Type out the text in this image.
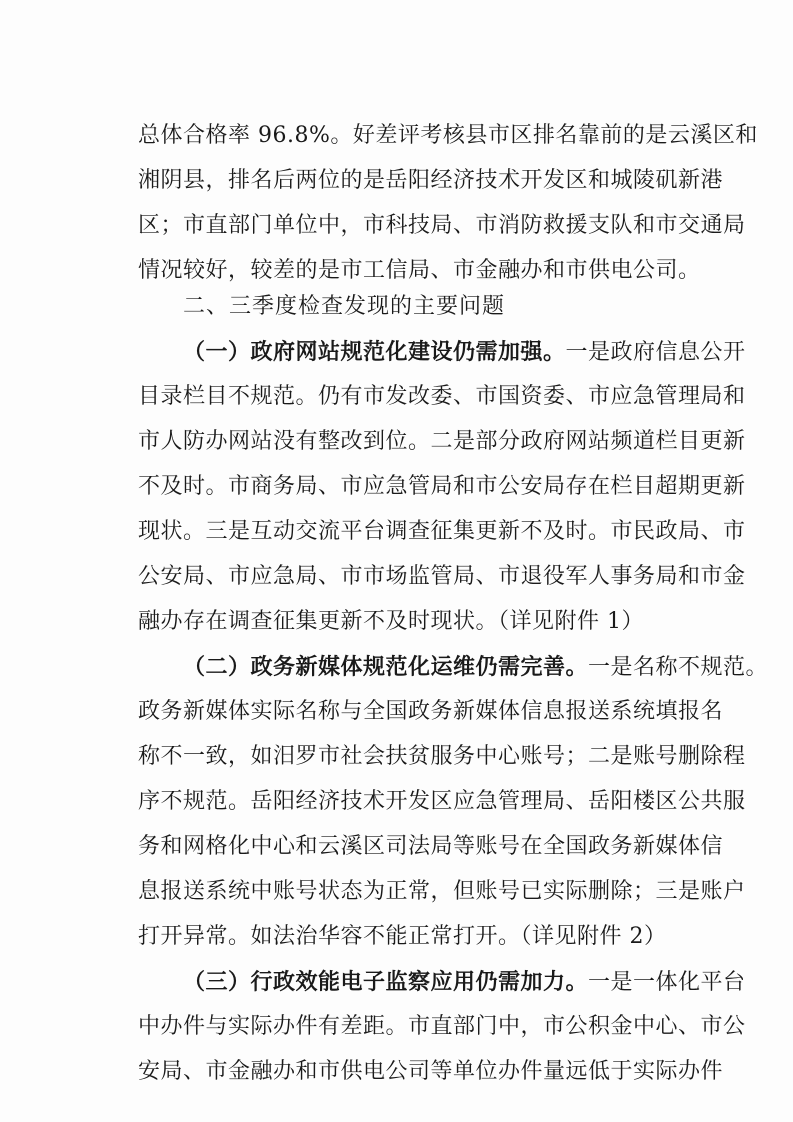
总体合格率 96.8%。好差评考核县市区排名靠前的是云溪区和
湘阴县，排名后两位的是岳阳经济技术开发区和城陵矶新港
区；市直部门单位中，市科技局、市消防救援支队和市交通局
情况较好，较差的是市工信局、市金融办和市供电公司。
二、三季度检查发现的主要问题
（一）政府网站规范化建设仍需加强。一是政府信息公开
目录栏目不规范。仍有市发改委、市国资委、市应急管理局和
市人防办网站没有整改到位。二是部分政府网站频道栏目更新
不及时。市商务局、市应急管局和市公安局存在栏目超期更新
现状。三是互动交流平台调查征集更新不及时。市民政局、市
公安局、市应急局、市市场监管局、市退役军人事务局和市金
融办存在调查征集更新不及时现状。（详见附件 1）
（二）政务新媒体规范化运维仍需完善。一是名称不规范。
政务新媒体实际名称与全国政务新媒体信息报送系统填报名
称不一致，如汨罗市社会扶贫服务中心账号；二是账号删除程
序不规范。岳阳经济技术开发区应急管理局、岳阳楼区公共服
务和网格化中心和云溪区司法局等账号在全国政务新媒体信
息报送系统中账号状态为正常，但账号已实际删除；三是账户
打开异常。如法治华容不能正常打开。（详见附件 2）
（三）行政效能电子监察应用仍需加力。一是一体化平台
中办件与实际办件有差距。市直部门中，市公积金中心、市公
安局、市金融办和市供电公司等单位办件量远低于实际办件
